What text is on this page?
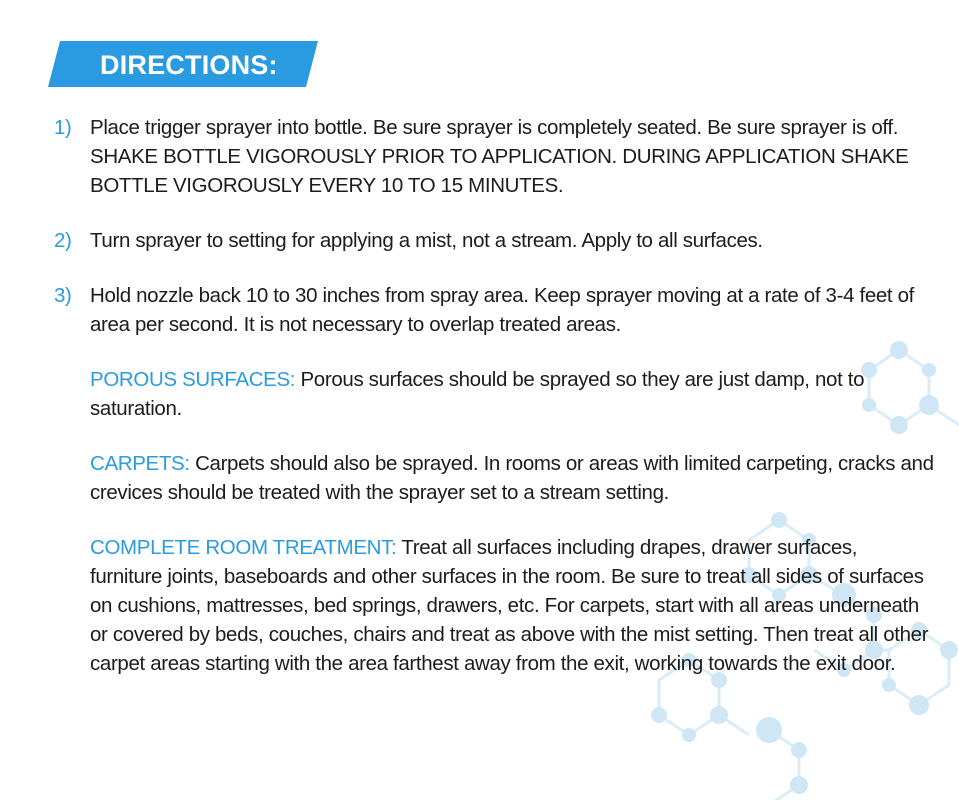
DIRECTIONS:
1) Place trigger sprayer into bottle. Be sure sprayer is completely seated. Be sure sprayer is off. SHAKE BOTTLE VIGOROUSLY PRIOR TO APPLICATION. DURING APPLICATION SHAKE BOTTLE VIGOROUSLY EVERY 10 TO 15 MINUTES.
2) Turn sprayer to setting for applying a mist, not a stream. Apply to all surfaces.
3) Hold nozzle back 10 to 30 inches from spray area. Keep sprayer moving at a rate of 3-4 feet of area per second. It is not necessary to overlap treated areas.
POROUS SURFACES: Porous surfaces should be sprayed so they are just damp, not to saturation.
CARPETS: Carpets should also be sprayed. In rooms or areas with limited carpeting, cracks and crevices should be treated with the sprayer set to a stream setting.
COMPLETE ROOM TREATMENT: Treat all surfaces including drapes, drawer surfaces, furniture joints, baseboards and other surfaces in the room. Be sure to treat all sides of surfaces on cushions, mattresses, bed springs, drawers, etc. For carpets, start with all areas underneath or covered by beds, couches, chairs and treat as above with the mist setting. Then treat all other carpet areas starting with the area farthest away from the exit, working towards the exit door.
